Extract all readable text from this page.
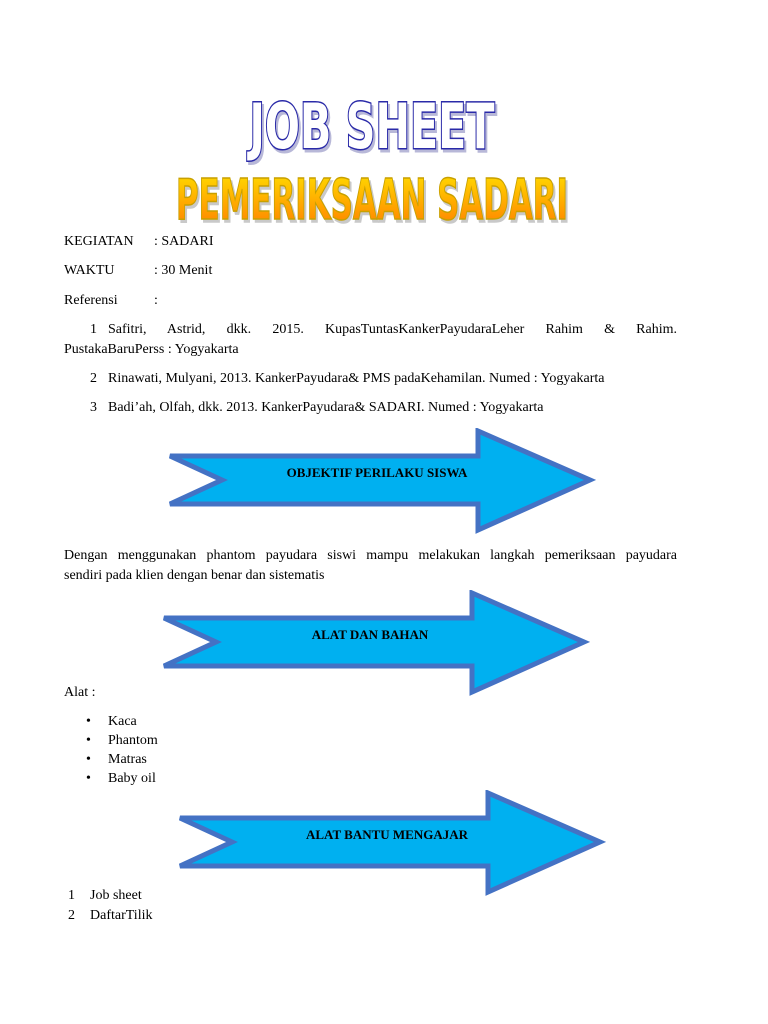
JOB SHEET
PEMERIKSAAN SADARI
KEGIATAN : SADARI
WAKTU	: 30 Menit
Referensi	:
1 Safitri, Astrid, dkk. 2015. KupasTuntasKankerPayudaraLeher Rahim & Rahim.
PustakaBaruPerss : Yogyakarta
2 Rinawati, Mulyani, 2013. KankerPayudara& PMS padaKehamilan. Numed : Yogyakarta
3 Badi’ah, Olfah, dkk. 2013. KankerPayudara& SADARI. Numed : Yogyakarta
OBJEKTIF PERILAKU SISWA
Dengan menggunakan phantom payudara siswi mampu melakukan langkah pemeriksaan payudara
sendiri pada klien dengan benar dan sistematis
ALAT DAN BAHAN
Alat :
• Kaca
• Phantom
• Matras
• Baby oil
ALAT BANTU MENGAJAR
1 Job sheet
2 DaftarTilik
